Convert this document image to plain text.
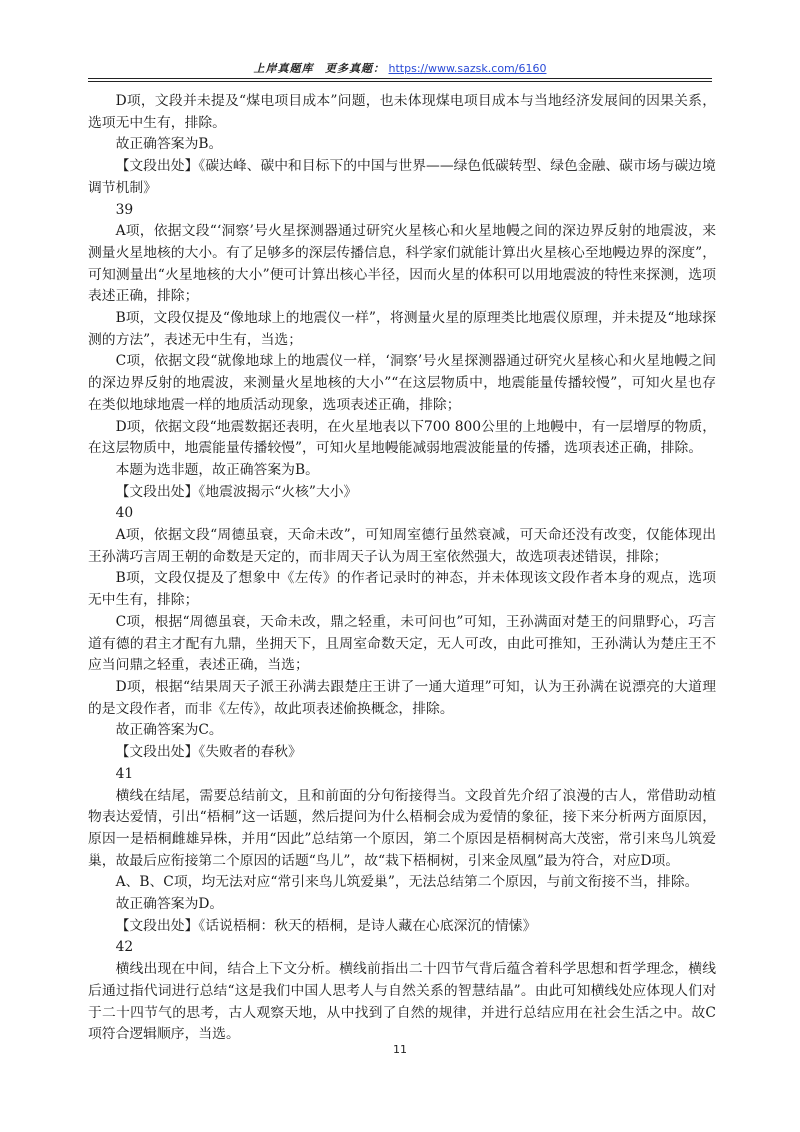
上岸真题库 更多真题： https://www.sazsk.com/6160

D项，文段并未提及“煤电项目成本”问题，也未体现煤电项目成本与当地经济发展间的因果关系，选项无中生有，排除。

故正确答案为B。

【文段出处】《碳达峰、碳中和目标下的中国与世界——绿色低碳转型、绿色金融、碳市场与碳边境调节机制》

39

A项，依据文段“‘洞察’号火星探测器通过研究火星核心和火星地幔之间的深边界反射的地震波，来测量火星地核的大小。有了足够多的深层传播信息，科学家们就能计算出火星核心至地幔边界的深度”，可知测量出“火星地核的大小”便可计算出核心半径，因而火星的体积可以用地震波的特性来探测，选项表述正确，排除；

B项，文段仅提及“像地球上的地震仪一样”，将测量火星的原理类比地震仪原理，并未提及“地球探测的方法”，表述无中生有，当选；

C项，依据文段“就像地球上的地震仪一样，‘洞察’号火星探测器通过研究火星核心和火星地幔之间的深边界反射的地震波，来测量火星地核的大小”“在这层物质中，地震能量传播较慢”，可知火星也存在类似地球地震一样的地质活动现象，选项表述正确，排除；

D项，依据文段“地震数据还表明，在火星地表以下700 800公里的上地幔中，有一层增厚的物质，在这层物质中，地震能量传播较慢”，可知火星地幔能减弱地震波能量的传播，选项表述正确，排除。

本题为选非题，故正确答案为B。

【文段出处】《地震波揭示“火核”大小》

40

A项，依据文段“周德虽衰，天命未改”，可知周室德行虽然衰减，可天命还没有改变，仅能体现出王孙满巧言周王朝的命数是天定的，而非周天子认为周王室依然强大，故选项表述错误，排除；

B项，文段仅提及了想象中《左传》的作者记录时的神态，并未体现该文段作者本身的观点，选项无中生有，排除；

C项，根据“周德虽衰，天命未改，鼎之轻重，未可问也”可知，王孙满面对楚王的问鼎野心，巧言道有德的君主才配有九鼎，坐拥天下，且周室命数天定，无人可改，由此可推知，王孙满认为楚庄王不应当问鼎之轻重，表述正确，当选；

D项，根据“结果周天子派王孙满去跟楚庄王讲了一通大道理”可知，认为王孙满在说漂亮的大道理的是文段作者，而非《左传》，故此项表述偷换概念，排除。

故正确答案为C。

【文段出处】《失败者的春秋》

41

横线在结尾，需要总结前文，且和前面的分句衔接得当。文段首先介绍了浪漫的古人，常借助动植物表达爱情，引出“梧桐”这一话题，然后提问为什么梧桐会成为爱情的象征，接下来分析两方面原因，原因一是梧桐雌雄异株，并用“因此”总结第一个原因，第二个原因是梧桐树高大茂密，常引来鸟儿筑爱巢，故最后应衔接第二个原因的话题“鸟儿”，故“栽下梧桐树，引来金凤凰”最为符合，对应D项。

A、B、C项，均无法对应“常引来鸟儿筑爱巢”，无法总结第二个原因，与前文衔接不当，排除。

故正确答案为D。

【文段出处】《话说梧桐：秋天的梧桐，是诗人藏在心底深沉的情愫》

42

横线出现在中间，结合上下文分析。横线前指出二十四节气背后蕴含着科学思想和哲学理念，横线后通过指代词进行总结“这是我们中国人思考人与自然关系的智慧结晶”。由此可知横线处应体现人们对于二十四节气的思考，古人观察天地，从中找到了自然的规律，并进行总结应用在社会生活之中。故C项符合逻辑顺序，当选。

11
